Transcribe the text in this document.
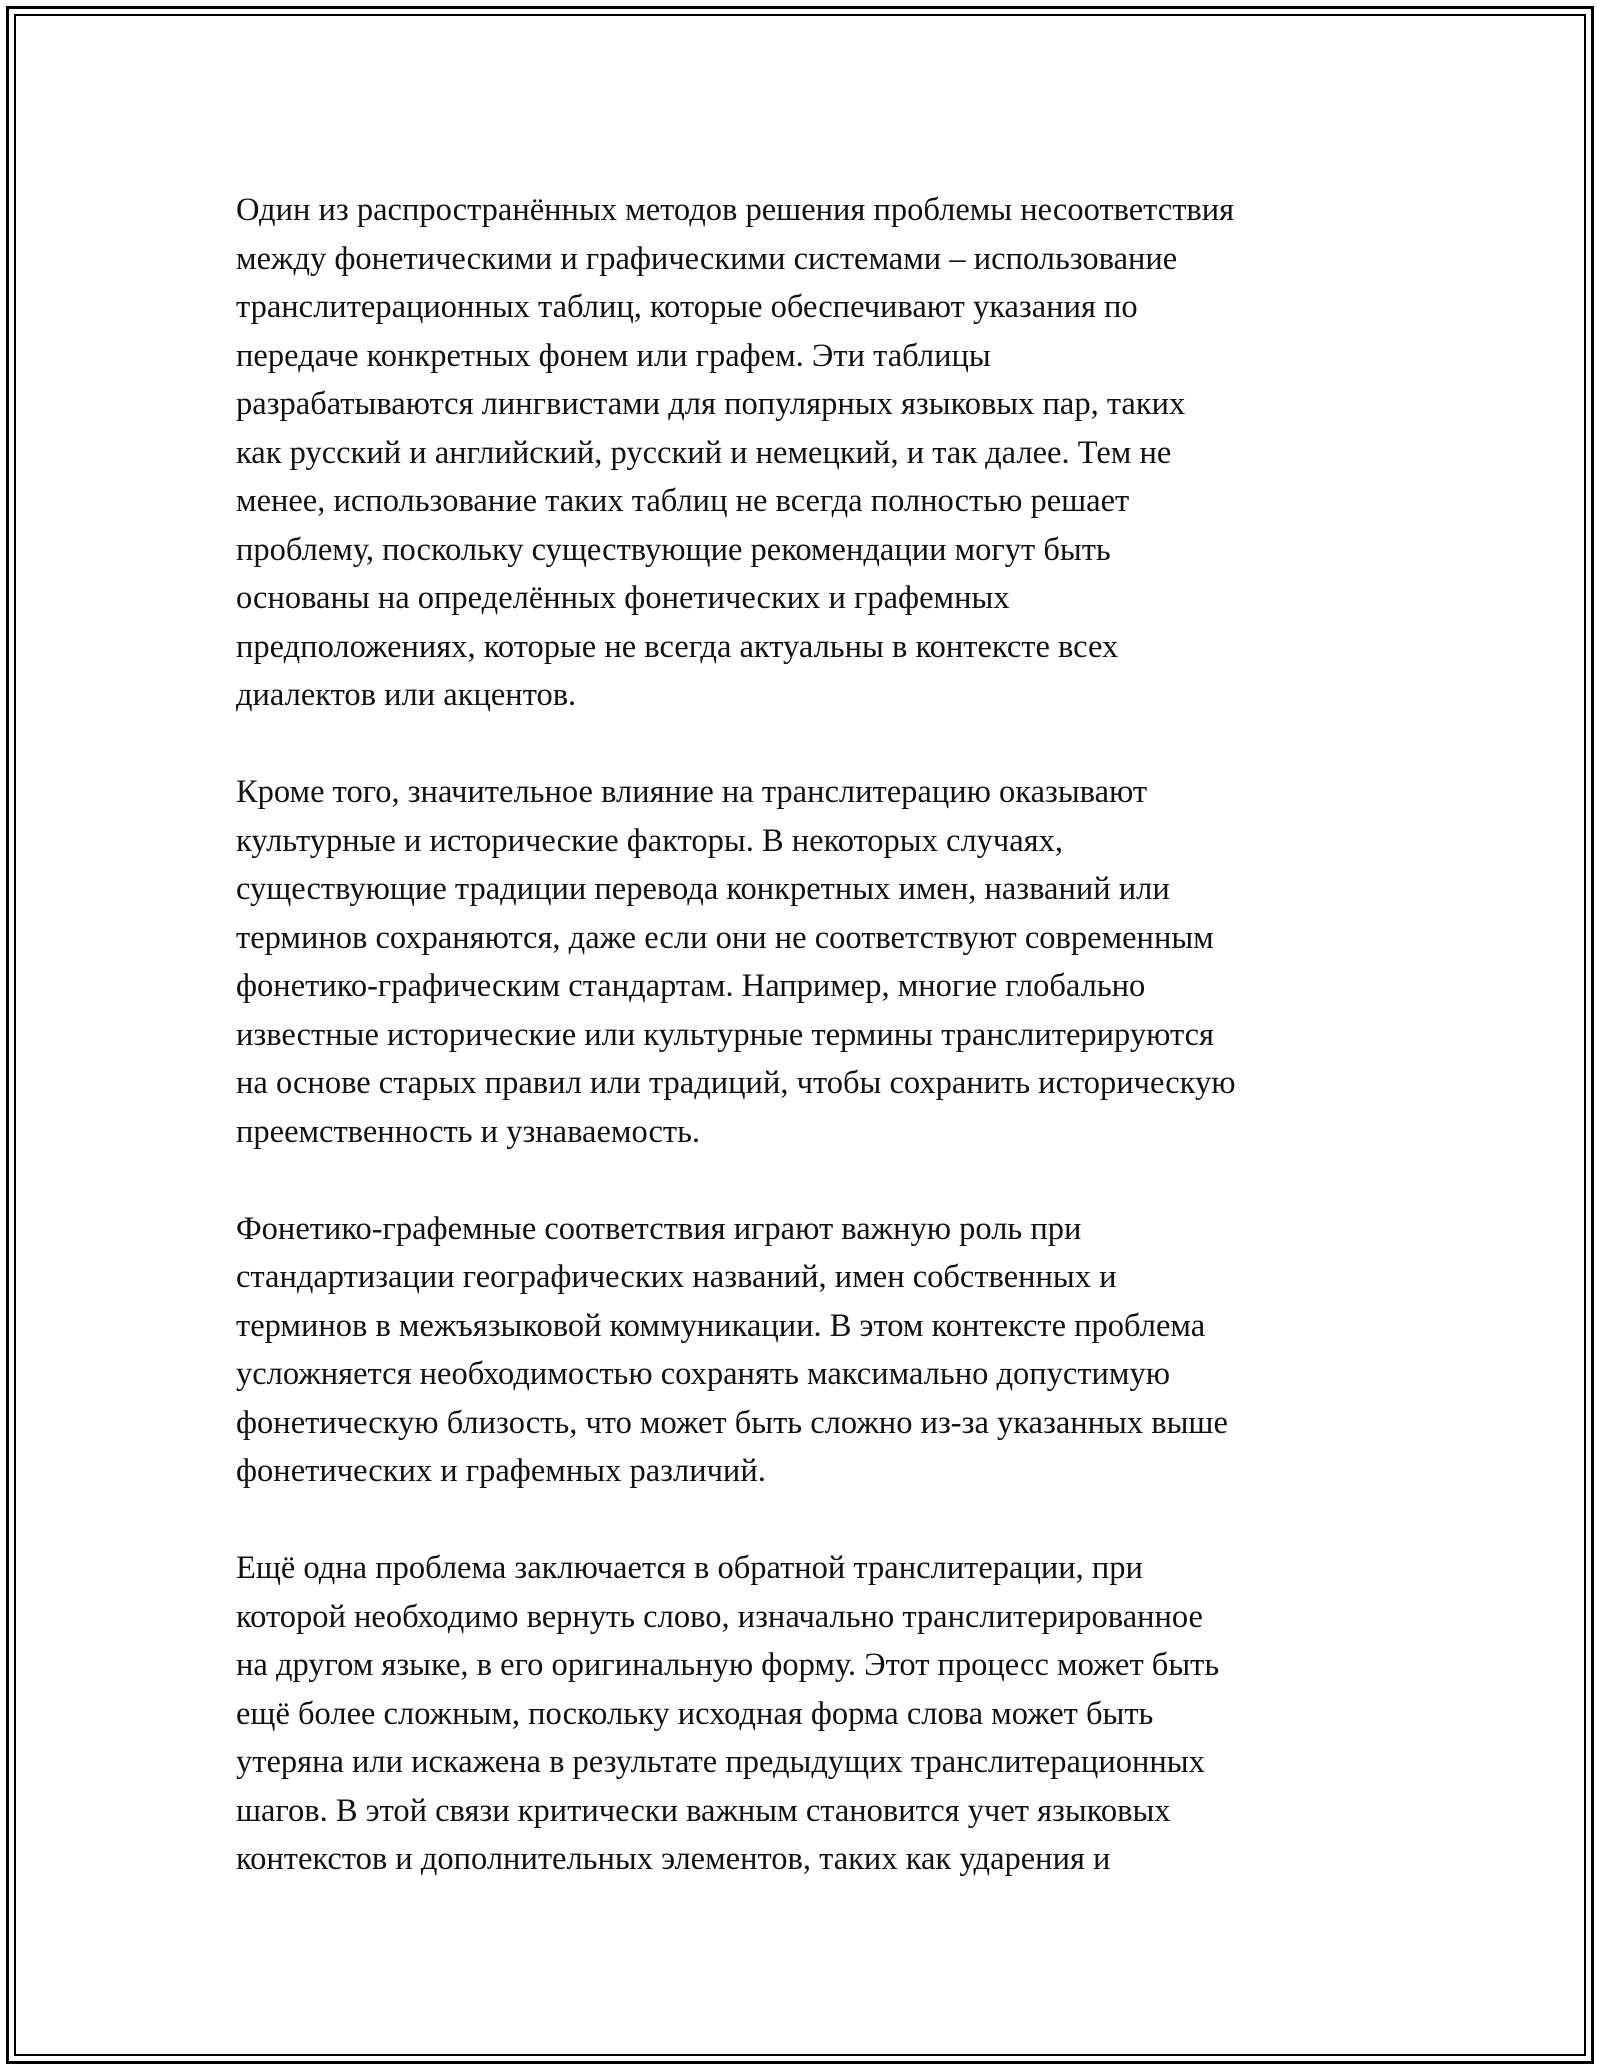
Один из распространённых методов решения проблемы несоответствия
между фонетическими и графическими системами – использование
транслитерационных таблиц, которые обеспечивают указания по
передаче конкретных фонем или графем. Эти таблицы
разрабатываются лингвистами для популярных языковых пар, таких
как русский и английский, русский и немецкий, и так далее. Тем не
менее, использование таких таблиц не всегда полностью решает
проблему, поскольку существующие рекомендации могут быть
основаны на определённых фонетических и графемных
предположениях, которые не всегда актуальны в контексте всех
диалектов или акцентов.

Кроме того, значительное влияние на транслитерацию оказывают
культурные и исторические факторы. В некоторых случаях,
существующие традиции перевода конкретных имен, названий или
терминов сохраняются, даже если они не соответствуют современным
фонетико-графическим стандартам. Например, многие глобально
известные исторические или культурные термины транслитерируются
на основе старых правил или традиций, чтобы сохранить историческую
преемственность и узнаваемость.

Фонетико-графемные соответствия играют важную роль при
стандартизации географических названий, имен собственных и
терминов в межъязыковой коммуникации. В этом контексте проблема
усложняется необходимостью сохранять максимально допустимую
фонетическую близость, что может быть сложно из-за указанных выше
фонетических и графемных различий.

Ещё одна проблема заключается в обратной транслитерации, при
которой необходимо вернуть слово, изначально транслитерированное
на другом языке, в его оригинальную форму. Этот процесс может быть
ещё более сложным, поскольку исходная форма слова может быть
утеряна или искажена в результате предыдущих транслитерационных
шагов. В этой связи критически важным становится учет языковых
контекстов и дополнительных элементов, таких как ударения и
